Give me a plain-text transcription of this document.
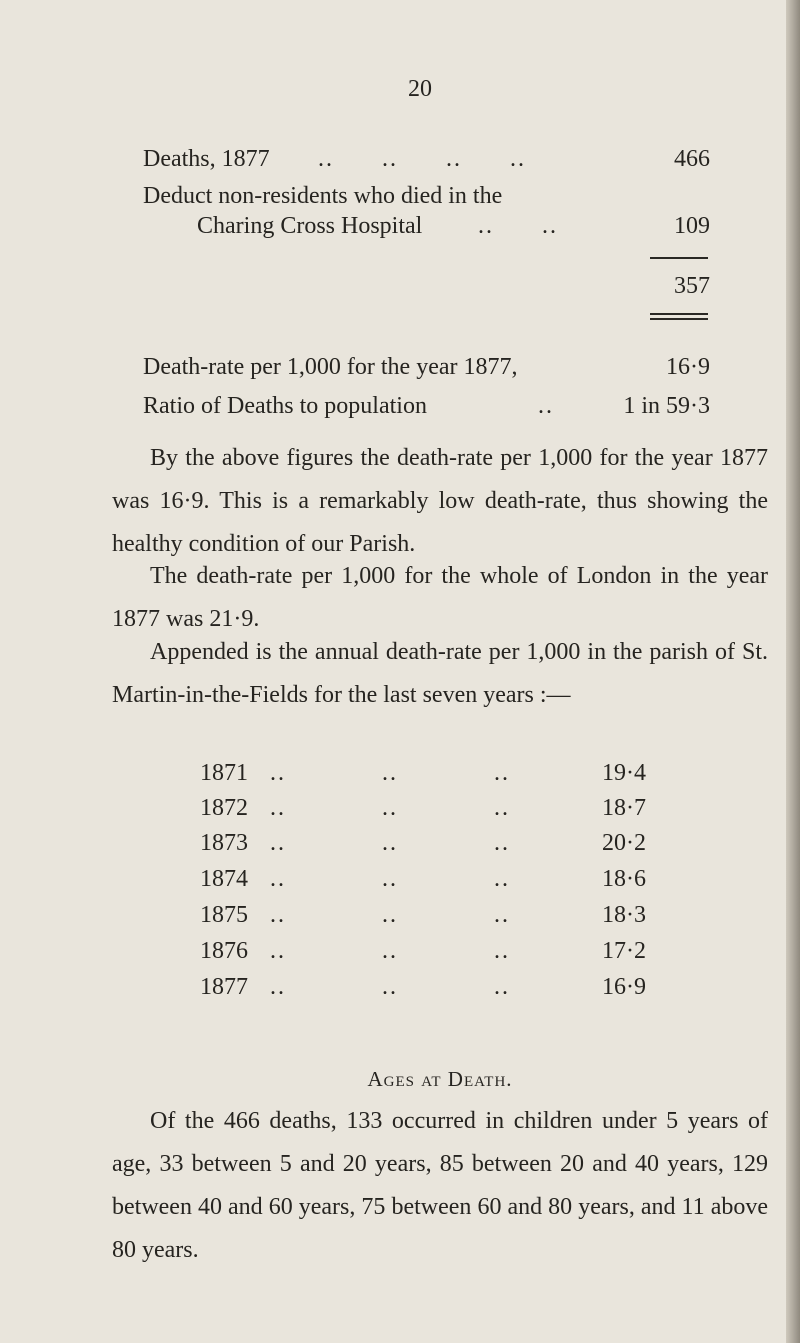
20
Deaths, 1877 ..      ..      ..      ..	466
Deduct non-residents who died in the
Charing Cross Hospital ..      ..	109
357
Death-rate per 1,000 for the year 1877,	16·9
Ratio of Deaths to population	..	1 in 59·3
By the above figures the death-rate per 1,000 for the year 1877 was 16·9. This is a remarkably low death-rate, thus showing the healthy condition of our Parish.
The death-rate per 1,000 for the whole of London in the year 1877 was 21·9.
Appended is the annual death-rate per 1,000 in the parish of St. Martin-in-the-Fields for the last seven years :—
1871 ..            ..            ..	19·4
1872 ..            ..            ..	18·7
1873 ..            ..            ..	20·2
1874 ..            ..            ..	18·6
1875 ..            ..            ..	18·3
1876 ..            ..            ..	17·2
1877 ..            ..            ..	16·9
Ages at Death.
Of the 466 deaths, 133 occurred in children under 5 years of age, 33 between 5 and 20 years, 85 between 20 and 40 years, 129 between 40 and 60 years, 75 between 60 and 80 years, and 11 above 80 years.
